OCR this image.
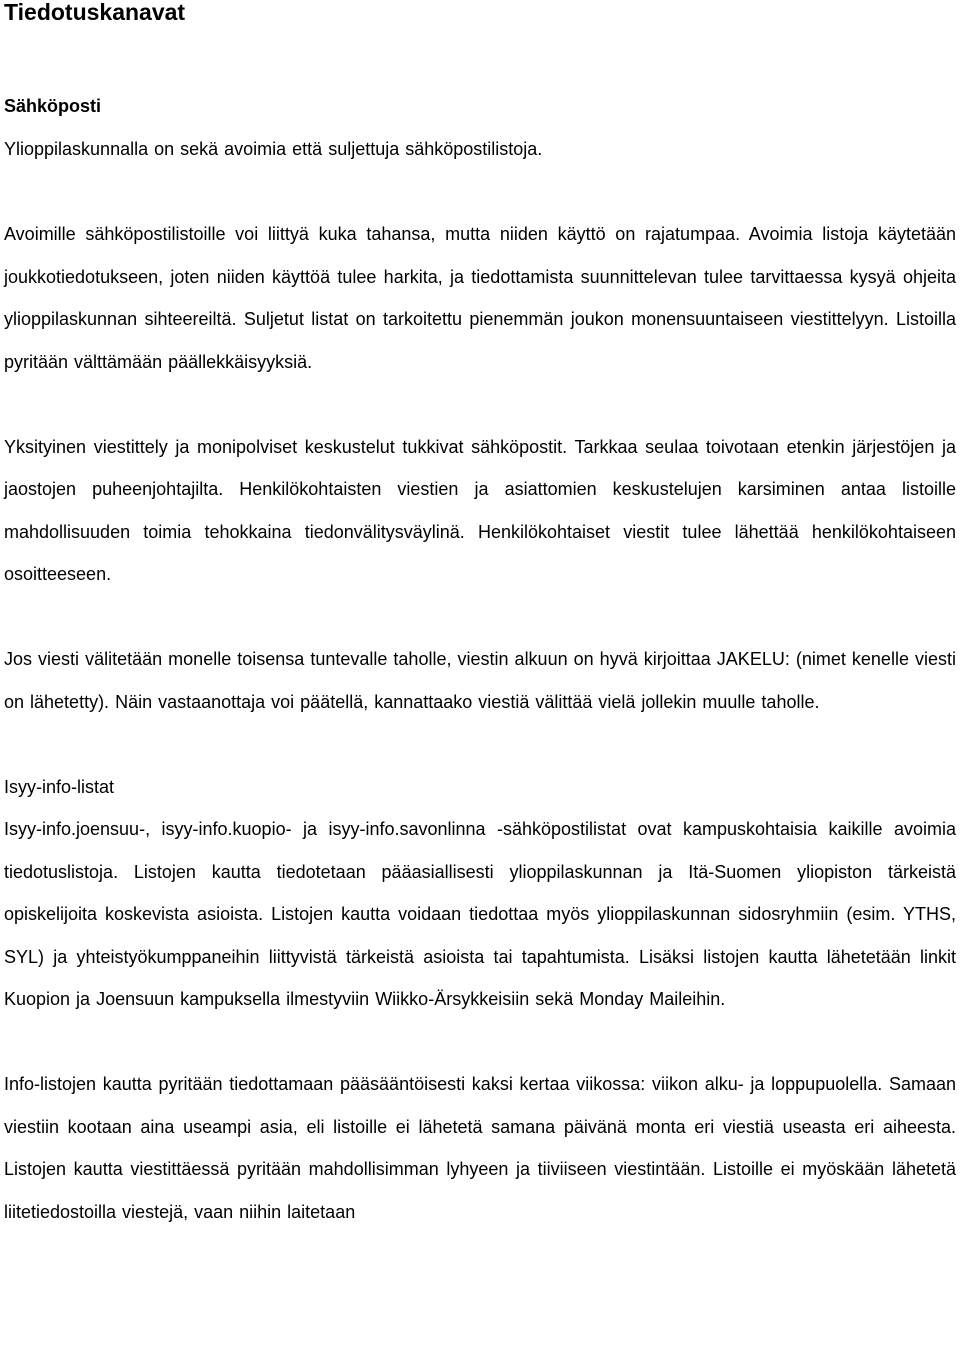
Tiedotuskanavat
Sähköposti

Ylioppilaskunnalla on sekä avoimia että suljettuja sähköpostilistoja.

Avoimille sähköpostilistoille voi liittyä kuka tahansa, mutta niiden käyttö on rajatumpaa. Avoimia listoja käytetään joukkotiedotukseen, joten niiden käyttöä tulee harkita, ja tiedottamista suunnittelevan tulee tarvittaessa kysyä ohjeita ylioppilaskunnan sihteereiltä. Suljetut listat on tarkoitettu pienemmän joukon monensuuntaiseen viestittelyyn. Listoilla pyritään välttämään päällekkäisyyksiä.

Yksityinen viestittely ja monipolviset keskustelut tukkivat sähköpostit. Tarkkaa seulaa toivotaan etenkin järjestöjen ja jaostojen puheenjohtajilta. Henkilökohtaisten viestien ja asiattomien keskustelujen karsiminen antaa listoille mahdollisuuden toimia tehokkaina tiedonvälitysväylinä. Henkilökohtaiset viestit tulee lähettää henkilökohtaiseen osoitteeseen.

Jos viesti välitetään monelle toisensa tuntevalle taholle, viestin alkuun on hyvä kirjoittaa JAKELU: (nimet kenelle viesti on lähetetty). Näin vastaanottaja voi päätellä, kannattaako viestiä välittää vielä jollekin muulle taholle.

Isyy-info-listat

Isyy-info.joensuu-, isyy-info.kuopio- ja isyy-info.savonlinna -sähköpostilistat ovat kampuskohtaisia kaikille avoimia tiedotuslistoja. Listojen kautta tiedotetaan pääasiallisesti ylioppilaskunnan ja Itä-Suomen yliopiston tärkeistä opiskelijoita koskevista asioista. Listojen kautta voidaan tiedottaa myös ylioppilaskunnan sidosryhmiin (esim. YTHS, SYL) ja yhteistyökumppaneihin liittyvistä tärkeistä asioista tai tapahtumista. Lisäksi listojen kautta lähetetään linkit Kuopion ja Joensuun kampuksella ilmestyviin Wiikko-Ärsykkeisiin sekä Monday Maileihin.

Info-listojen kautta pyritään tiedottamaan pääsääntöisesti kaksi kertaa viikossa: viikon alku- ja loppupuolella. Samaan viestiin kootaan aina useampi asia, eli listoille ei lähetetä samana päivänä monta eri viestiä useasta eri aiheesta. Listojen kautta viestittäessä pyritään mahdollisimman lyhyeen ja tiiviiseen viestintään. Listoille ei myöskään lähetetä liitetiedostoilla viestejä, vaan niihin laitetaan
